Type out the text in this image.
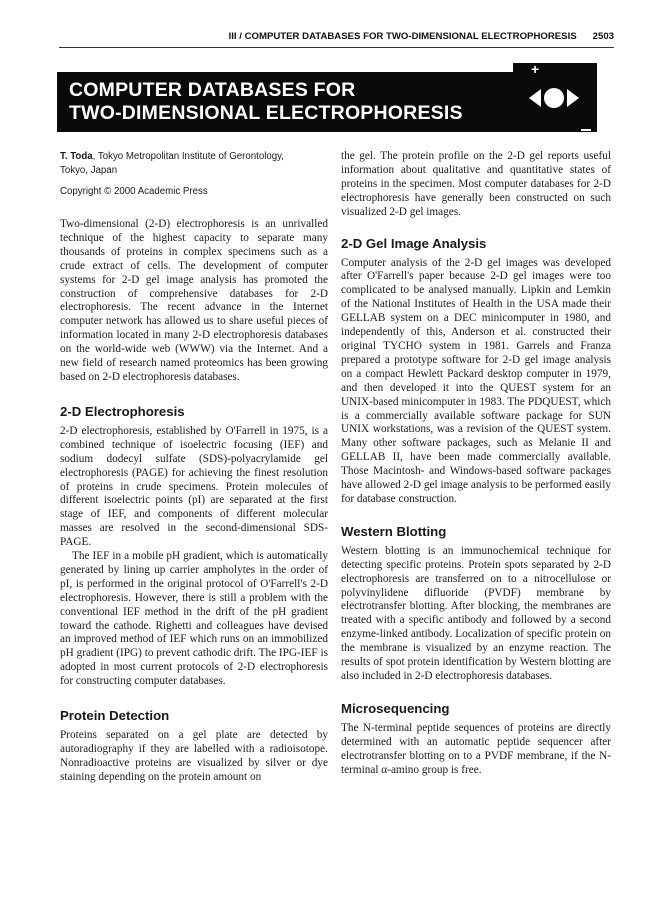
III / COMPUTER DATABASES FOR TWO-DIMENSIONAL ELECTROPHORESIS 2503
COMPUTER DATABASES FOR
TWO-DIMENSIONAL ELECTROPHORESIS
+

T. Toda, Tokyo Metropolitan Institute of Gerontology,
Tokyo, Japan

Copyright © 2000 Academic Press

Two-dimensional (2-D) electrophoresis is an unrivalled technique of the highest capacity to separate many thousands of proteins in complex specimens such as a crude extract of cells. The development of computer systems for 2-D gel image analysis has promoted the construction of comprehensive databases for 2-D electrophoresis. The recent advance in the Internet computer network has allowed us to share useful pieces of information located in many 2-D electrophoresis databases on the world-wide web (WWW) via the Internet. And a new field of research named proteomics has been growing based on 2-D electrophoresis databases.

2-D Electrophoresis

2-D electrophoresis, established by O'Farrell in 1975, is a combined technique of isoelectric focusing (IEF) and sodium dodecyl sulfate (SDS)-polyacrylamide gel electrophoresis (PAGE) for achieving the finest resolution of proteins in crude specimens. Protein molecules of different isoelectric points (pI) are separated at the first stage of IEF, and components of different molecular masses are resolved in the second-dimensional SDS-PAGE.

The IEF in a mobile pH gradient, which is automatically generated by lining up carrier ampholytes in the order of pI, is performed in the original protocol of O'Farrell's 2-D electrophoresis. However, there is still a problem with the conventional IEF method in the drift of the pH gradient toward the cathode. Righetti and colleagues have devised an improved method of IEF which runs on an immobilized pH gradient (IPG) to prevent cathodic drift. The IPG-IEF is adopted in most current protocols of 2-D electrophoresis for constructing computer databases.

Protein Detection

Proteins separated on a gel plate are detected by autoradiography if they are labelled with a radioisotope. Nonradioactive proteins are visualized by silver or dye staining depending on the protein amount on

the gel. The protein profile on the 2-D gel reports useful information about qualitative and quantitative states of proteins in the specimen. Most computer databases for 2-D electrophoresis have generally been constructed on such visualized 2-D gel images.

2-D Gel Image Analysis

Computer analysis of the 2-D gel images was developed after O'Farrell's paper because 2-D gel images were too complicated to be analysed manually. Lipkin and Lemkin of the National Institutes of Health in the USA made their GELLAB system on a DEC minicomputer in 1980, and independently of this, Anderson et al. constructed their original TYCHO system in 1981. Garrels and Franza prepared a prototype software for 2-D gel image analysis on a compact Hewlett Packard desktop computer in 1979, and then developed it into the QUEST system for an UNIX-based minicomputer in 1983. The PDQUEST, which is a commercially available software package for SUN UNIX workstations, was a revision of the QUEST system. Many other software packages, such as Melanie II and GELLAB II, have been made commercially available. Those Macintosh- and Windows-based software packages have allowed 2-D gel image analysis to be performed easily for database construction.

Western Blotting

Western blotting is an immunochemical technique for detecting specific proteins. Protein spots separated by 2-D electrophoresis are transferred on to a nitrocellulose or polyvinylidene difluoride (PVDF) membrane by electrotransfer blotting. After blocking, the membranes are treated with a specific antibody and followed by a second enzyme-linked antibody. Localization of specific protein on the membrane is visualized by an enzyme reaction. The results of spot protein identification by Western blotting are also included in 2-D electrophoresis databases.

Microsequencing

The N-terminal peptide sequences of proteins are directly determined with an automatic peptide sequencer after electrotransfer blotting on to a PVDF membrane, if the N-terminal α-amino group is free.
